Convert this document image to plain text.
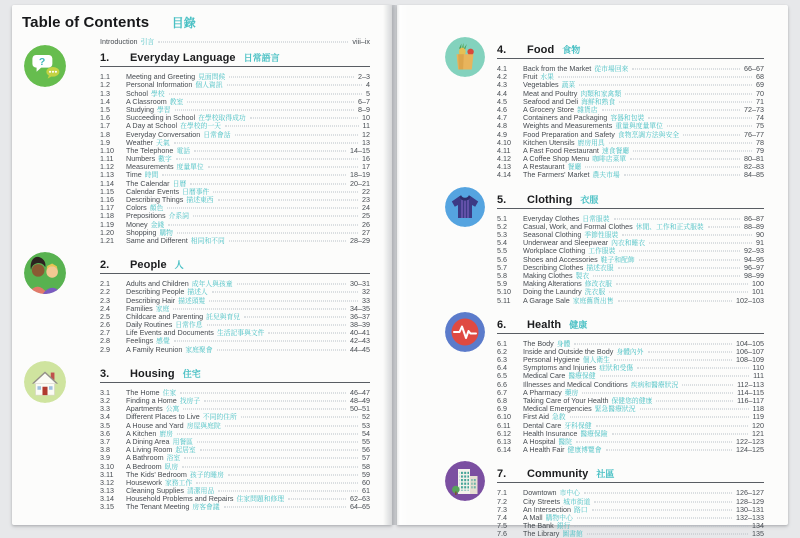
Table of Contents 目錄
Introduction 引言	viii–ix
?	1.	Everyday Language 日常語言
1.1	Meeting and Greeting 見面問候	2–3
1.2	Personal Information 個人資訊	4
1.3	School 學校	5
1.4	A Classroom 教室	6–7
1.5	Studying 學習	8–9
1.6	Succeeding in School 在學校取得成功	10
1.7	A Day at School 在學校的一天	11
1.8	Everyday Conversation 日常會話	12
1.9	Weather 天氣	13
1.10	The Telephone 電話	14–15
1.11	Numbers 數字	16
1.12	Measurements 度量單位	17
1.13	Time 時間	18–19
1.14	The Calendar 日曆	20–21
1.15	Calendar Events 日曆事件	22
1.16	Describing Things 描述東西	23
1.17	Colors 顏色	24
1.18	Prepositions 介系詞	25
1.19	Money 金錢	26
1.20	Shopping 購物	27
1.21	Same and Different 相同和不同	28–29
2.	People 人
2.1	Adults and Children 成年人與孩童	30–31
2.2	Describing People 描述人	32
2.3	Describing Hair 描述頭髮	33
2.4	Families 家庭	34–35
2.5	Childcare and Parenting 託兒與育兒	36–37
2.6	Daily Routines 日常作息	38–39
2.7	Life Events and Documents 生活記事與文件	40–41
2.8	Feelings 感覺	42–43
2.9	A Family Reunion 家庭聚會	44–45
3.	Housing 住宅
3.1	The Home 住家	46–47
3.2	Finding a Home 找房子	48–49
3.3	Apartments 公寓	50–51
3.4	Different Places to Live 不同的住所	52
3.5	A House and Yard 房屋與庭院	53
3.6	A Kitchen 廚房	54
3.7	A Dining Area 用餐區	55
3.8	A Living Room 起居室	56
3.9	A Bathroom 浴室	57
3.10	A Bedroom 臥房	58
3.11	The Kids' Bedroom 孩子的睡房	59
3.12	Housework 家務工作	60
3.13	Cleaning Supplies 清潔用品	61
3.14	Household Problems and Repairs 住家問題和修理	62–63
3.15	The Tenant Meeting 房客會議	64–65
4.	Food 食物
4.1	Back from the Market 從市場回來	66–67
4.2	Fruit 水果	68
4.3	Vegetables 蔬菜	69
4.4	Meat and Poultry 肉類和家禽類	70
4.5	Seafood and Deli 海鮮和熟食	71
4.6	A Grocery Store 雜貨店	72–73
4.7	Containers and Packaging 容器和包裝	74
4.8	Weights and Measurements 重量與度量單位	75
4.9	Food Preparation and Safety 食物烹調方法與安全	76–77
4.10	Kitchen Utensils 廚房用具	78
4.11	A Fast Food Restaurant 速食餐廳	79
4.12	A Coffee Shop Menu 咖啡店菜單	80–81
4.13	A Restaurant 餐廳	82–83
4.14	The Farmers' Market 農夫市場	84–85
5.	Clothing 衣服
5.1	Everyday Clothes 日常服裝	86–87
5.2	Casual, Work, and Formal Clothes 休閒、工作和正式服裝	88–89
5.3	Seasonal Clothing 季節性服裝	90
5.4	Underwear and Sleepwear 內衣和睡衣	91
5.5	Workplace Clothing 工作服裝	92–93
5.6	Shoes and Accessories 鞋子和配飾	94–95
5.7	Describing Clothes 描述衣服	96–97
5.8	Making Clothes 製衣	98–99
5.9	Making Alterations 修改衣服	100
5.10	Doing the Laundry 洗衣服	101
5.11	A Garage Sale 家庭舊貨出售	102–103
6.	Health 健康
6.1	The Body 身體	104–105
6.2	Inside and Outside the Body 身體內外	106–107
6.3	Personal Hygiene 個人衛生	108–109
6.4	Symptoms and Injuries 症狀和受傷	110
6.5	Medical Care 醫療保健	111
6.6	Illnesses and Medical Conditions 疾病和醫療狀況	112–113
6.7	A Pharmacy 藥房	114–115
6.8	Taking Care of Your Health 保健您的健康	116–117
6.9	Medical Emergencies 緊急醫療狀況	118
6.10	First Aid 急救	119
6.11	Dental Care 牙科保健	120
6.12	Health Insurance 醫療保險	121
6.13	A Hospital 醫院	122–123
6.14	A Health Fair 健康博覽會	124–125
7.	Community 社區
7.1	Downtown 市中心	126–127
7.2	City Streets 城市街道	128–129
7.3	An Intersection 路口	130–131
7.4	A Mall 購物中心	132–133
7.5	The Bank 銀行	134
7.6	The Library 圖書館	135
